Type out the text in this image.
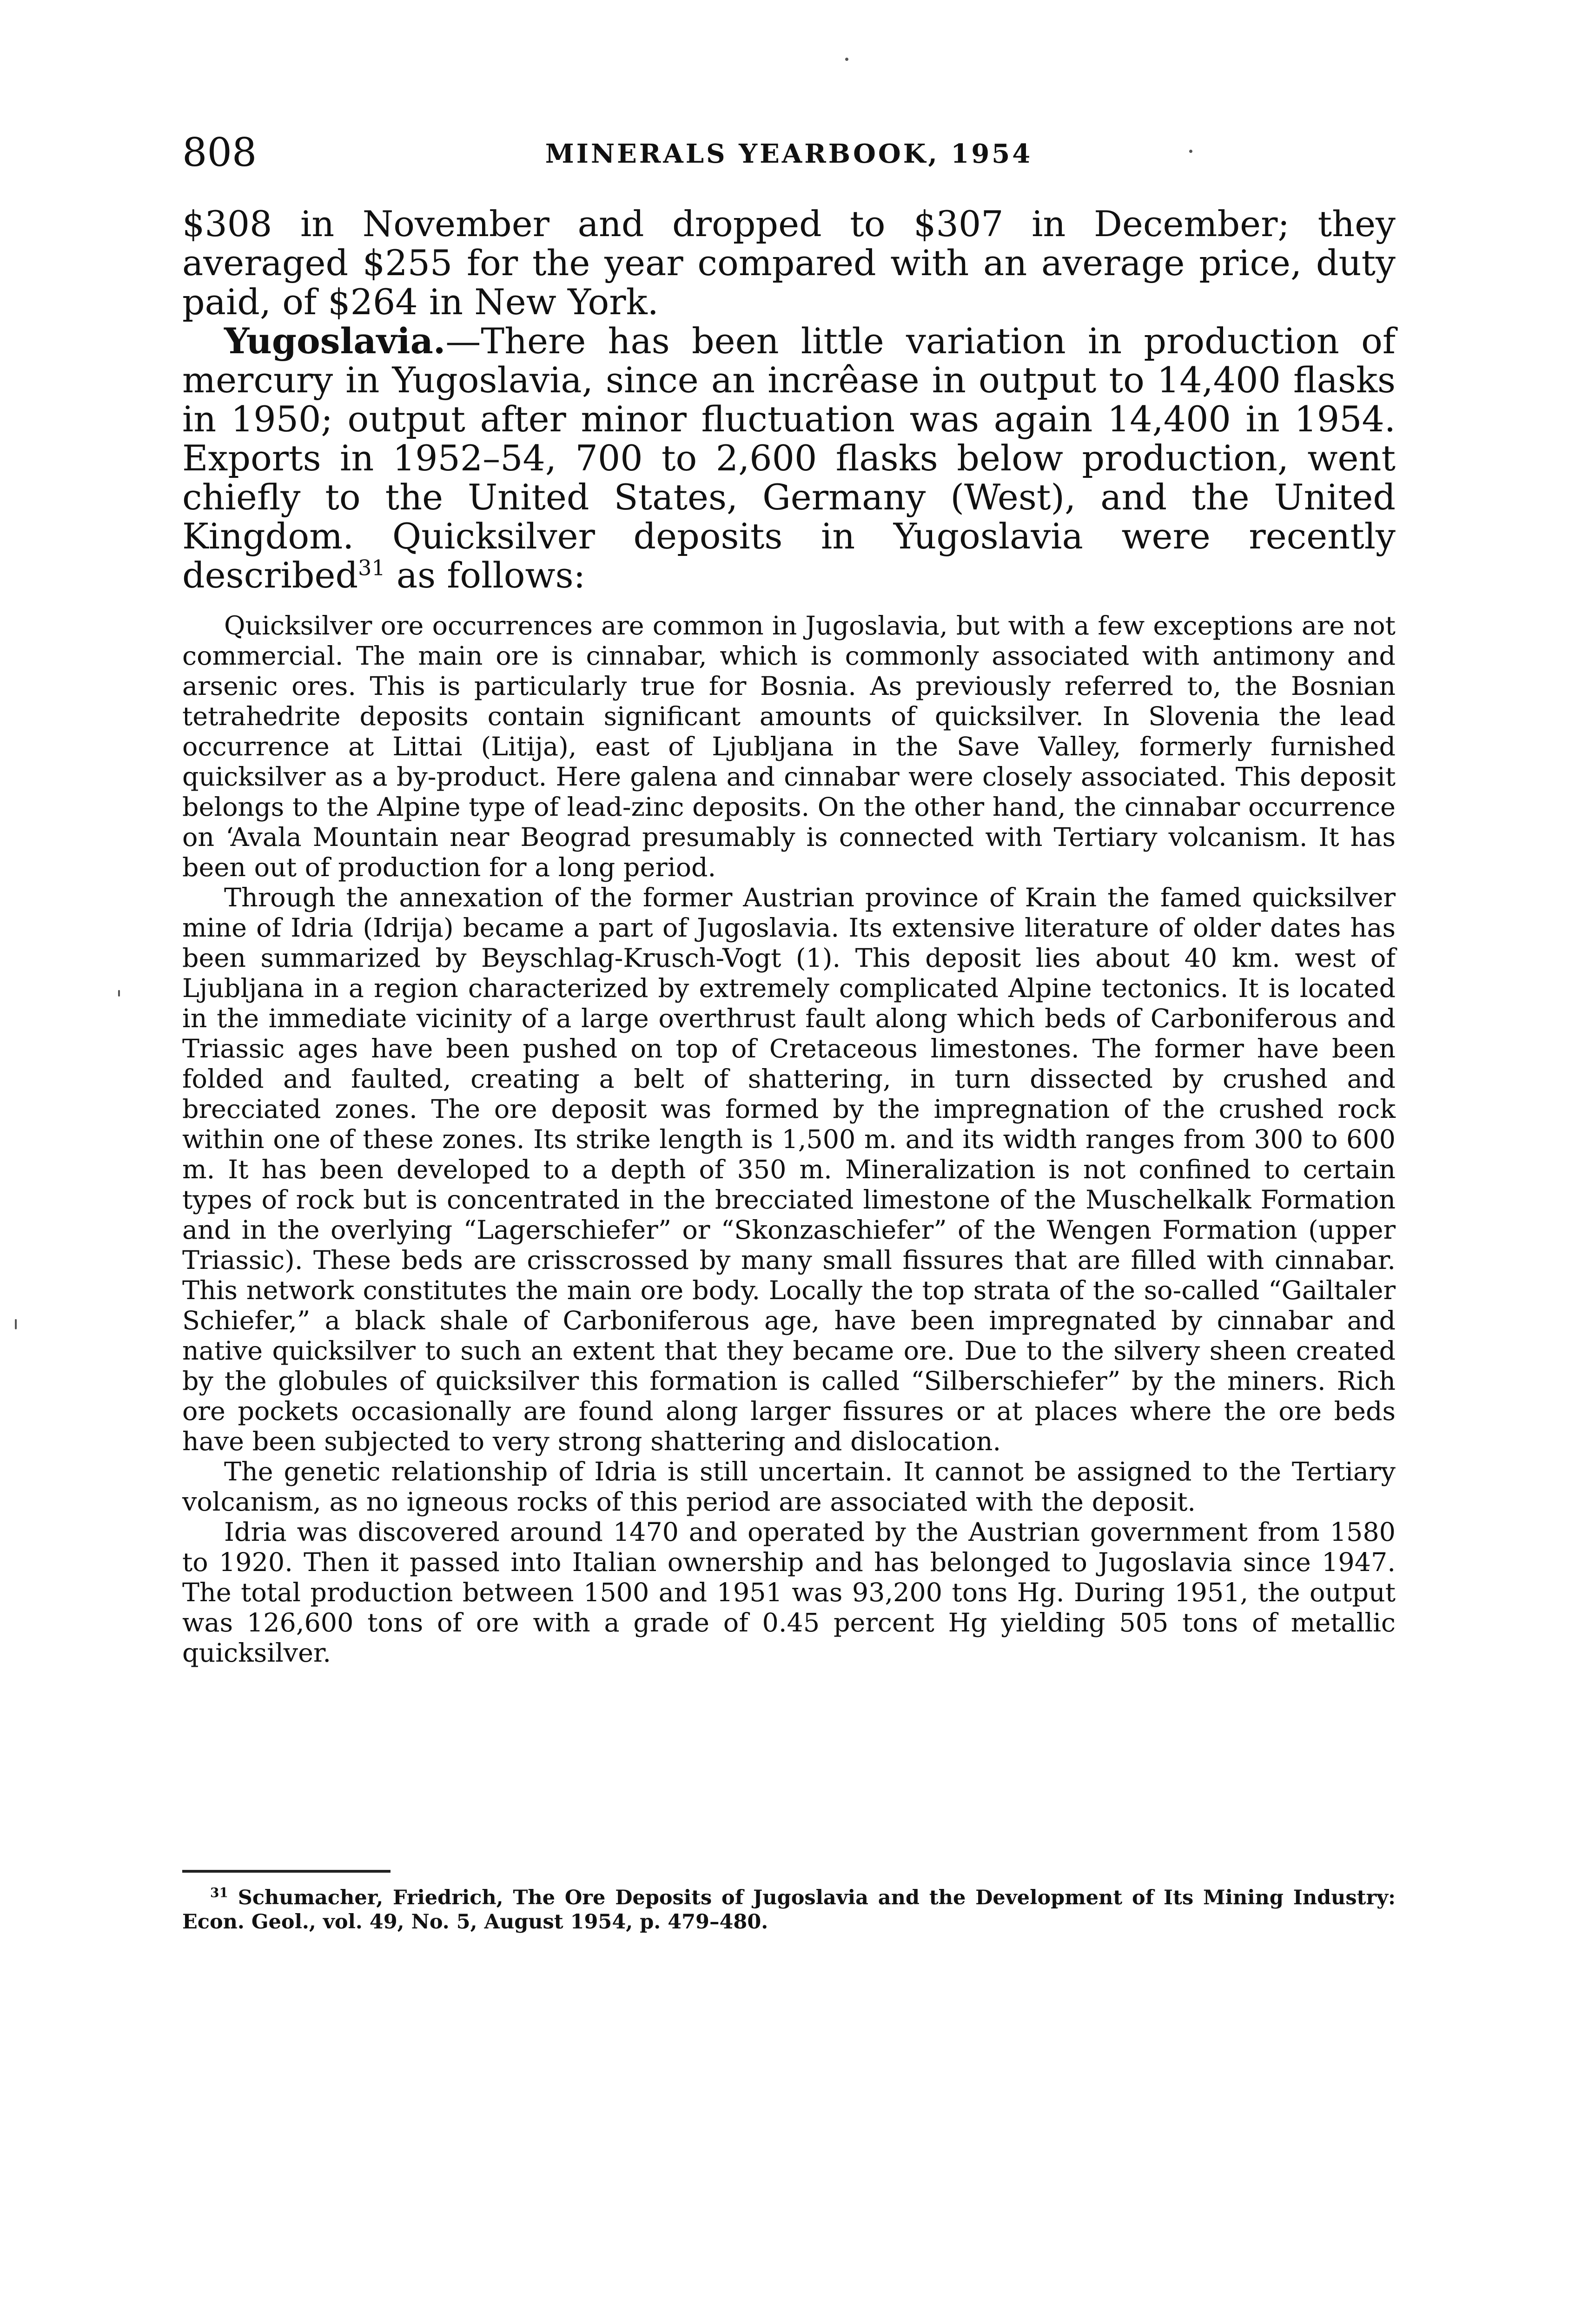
808	MINERALS YEARBOOK, 1954

$308 in November and dropped to $307 in December; they averaged $255 for the year compared with an average price, duty paid, of $264 in New York.

Yugoslavia.—There has been little variation in production of mercury in Yugoslavia, since an incrêase in output to 14,400 flasks in 1950; output after minor fluctuation was again 14,400 in 1954. Exports in 1952–54, 700 to 2,600 flasks below production, went chiefly to the United States, Germany (West), and the United Kingdom. Quicksilver deposits in Yugoslavia were recently described$^{31}$ as follows:

Quicksilver ore occurrences are common in Jugoslavia, but with a few exceptions are not commercial. The main ore is cinnabar, which is commonly associated with antimony and arsenic ores. This is particularly true for Bosnia. As previously referred to, the Bosnian tetrahedrite deposits contain significant amounts of quicksilver. In Slovenia the lead occurrence at Littai (Litija), east of Ljubljana in the Save Valley, formerly furnished quicksilver as a by-product. Here galena and cinnabar were closely associated. This deposit belongs to the Alpine type of lead-zinc deposits. On the other hand, the cinnabar occurrence on ‘Avala Mountain near Beograd presumably is connected with Tertiary volcanism. It has been out of production for a long period.

Through the annexation of the former Austrian province of Krain the famed quicksilver mine of Idria (Idrija) became a part of Jugoslavia. Its extensive literature of older dates has been summarized by Beyschlag-Krusch-Vogt (1). This deposit lies about 40 km. west of Ljubljana in a region characterized by extremely complicated Alpine tectonics. It is located in the immediate vicinity of a large overthrust fault along which beds of Carboniferous and Triassic ages have been pushed on top of Cretaceous limestones. The former have been folded and faulted, creating a belt of shattering, in turn dissected by crushed and brecciated zones. The ore deposit was formed by the impregnation of the crushed rock within one of these zones. Its strike length is 1,500 m. and its width ranges from 300 to 600 m. It has been developed to a depth of 350 m. Mineralization is not confined to certain types of rock but is concentrated in the brecciated limestone of the Muschelkalk Formation and in the overlying “Lagerschiefer” or “Skonzaschiefer” of the Wengen Formation (upper Triassic). These beds are crisscrossed by many small fissures that are filled with cinnabar. This network constitutes the main ore body. Locally the top strata of the so-called “Gailtaler Schiefer,” a black shale of Carboniferous age, have been impregnated by cinnabar and native quicksilver to such an extent that they became ore. Due to the silvery sheen created by the globules of quicksilver this formation is called “Silberschiefer” by the miners. Rich ore pockets occasionally are found along larger fissures or at places where the ore beds have been subjected to very strong shattering and dislocation.

The genetic relationship of Idria is still uncertain. It cannot be assigned to the Tertiary volcanism, as no igneous rocks of this period are associated with the deposit.

Idria was discovered around 1470 and operated by the Austrian government from 1580 to 1920. Then it passed into Italian ownership and has belonged to Jugoslavia since 1947. The total production between 1500 and 1951 was 93,200 tons Hg. During 1951, the output was 126,600 tons of ore with a grade of 0.45 percent Hg yielding 505 tons of metallic quicksilver.

$^{31}$ Schumacher, Friedrich, The Ore Deposits of Jugoslavia and the Development of Its Mining Industry: Econ. Geol., vol. 49, No. 5, August 1954, p. 479–480.
